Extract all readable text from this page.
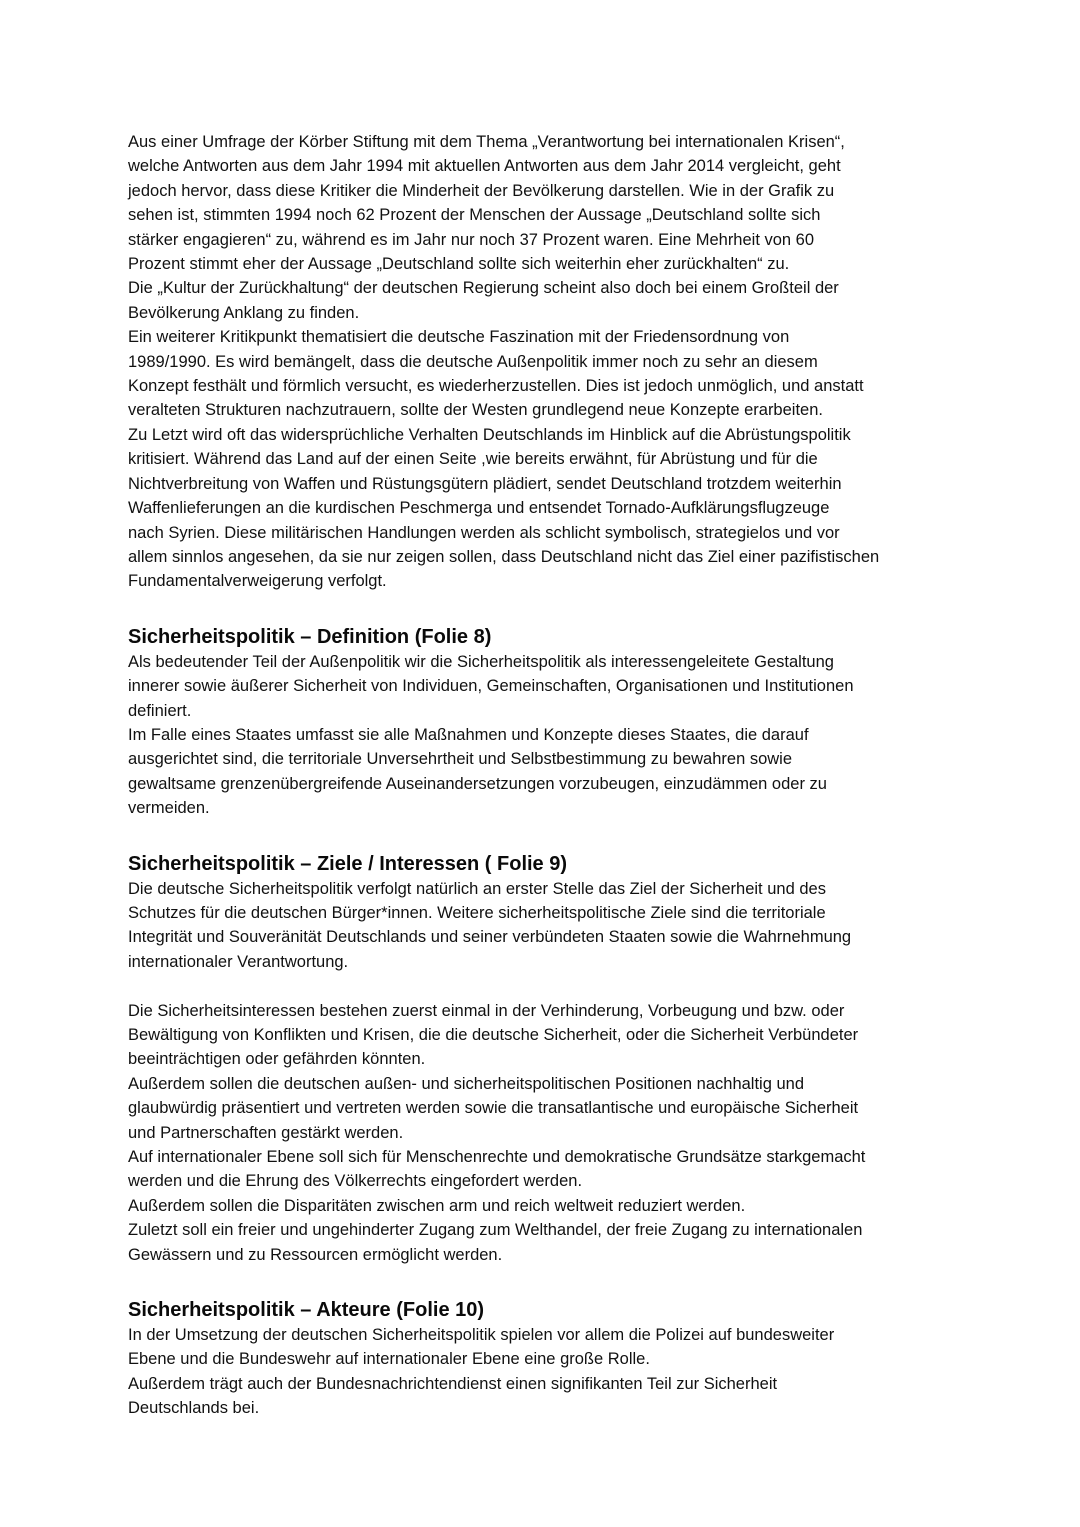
Aus einer Umfrage der Körber Stiftung mit dem Thema „Verantwortung bei internationalen Krisen“,
welche Antworten aus dem Jahr 1994 mit aktuellen Antworten aus dem Jahr 2014 vergleicht, geht
jedoch hervor, dass diese Kritiker die Minderheit der Bevölkerung darstellen. Wie in der Grafik zu
sehen ist, stimmten 1994 noch 62 Prozent der Menschen der Aussage „Deutschland sollte sich
stärker engagieren“ zu, während es im Jahr nur noch 37 Prozent waren. Eine Mehrheit von 60
Prozent stimmt eher der Aussage „Deutschland sollte sich weiterhin eher zurückhalten“ zu.
Die „Kultur der Zurückhaltung“ der deutschen Regierung scheint also doch bei einem Großteil der
Bevölkerung Anklang zu finden.
Ein weiterer Kritikpunkt thematisiert die deutsche Faszination mit der Friedensordnung von
1989/1990. Es wird bemängelt, dass die deutsche Außenpolitik immer noch zu sehr an diesem
Konzept festhält und förmlich versucht, es wiederherzustellen. Dies ist jedoch unmöglich, und anstatt
veralteten Strukturen nachzutrauern, sollte der Westen grundlegend neue Konzepte erarbeiten.
Zu Letzt wird oft das widersprüchliche Verhalten Deutschlands im Hinblick auf die Abrüstungspolitik
kritisiert. Während das Land auf der einen Seite ,wie bereits erwähnt, für Abrüstung und für die
Nichtverbreitung von Waffen und Rüstungsgütern plädiert, sendet Deutschland trotzdem weiterhin
Waffenlieferungen an die kurdischen Peschmerga und entsendet Tornado-Aufklärungsflugzeuge
nach Syrien. Diese militärischen Handlungen werden als schlicht symbolisch, strategielos und vor
allem sinnlos angesehen, da sie nur zeigen sollen, dass Deutschland nicht das Ziel einer pazifistischen
Fundamentalverweigerung verfolgt.

Sicherheitspolitik – Definition (Folie 8)

Als bedeutender Teil der Außenpolitik wir die Sicherheitspolitik als interessengeleitete Gestaltung
innerer sowie äußerer Sicherheit von Individuen, Gemeinschaften, Organisationen und Institutionen
definiert.
Im Falle eines Staates umfasst sie alle Maßnahmen und Konzepte dieses Staates, die darauf
ausgerichtet sind, die territoriale Unversehrtheit und Selbstbestimmung zu bewahren sowie
gewaltsame grenzenübergreifende Auseinandersetzungen vorzubeugen, einzudämmen oder zu
vermeiden.

Sicherheitspolitik – Ziele / Interessen ( Folie 9)

Die deutsche Sicherheitspolitik verfolgt natürlich an erster Stelle das Ziel der Sicherheit und des
Schutzes für die deutschen Bürger*innen. Weitere sicherheitspolitische Ziele sind die territoriale
Integrität und Souveränität Deutschlands und seiner verbündeten Staaten sowie die Wahrnehmung
internationaler Verantwortung.

Die Sicherheitsinteressen bestehen zuerst einmal in der Verhinderung, Vorbeugung und bzw. oder
Bewältigung von Konflikten und Krisen, die die deutsche Sicherheit, oder die Sicherheit Verbündeter
beeinträchtigen oder gefährden könnten.
Außerdem sollen die deutschen außen- und sicherheitspolitischen Positionen nachhaltig und
glaubwürdig präsentiert und vertreten werden sowie die transatlantische und europäische Sicherheit
und Partnerschaften gestärkt werden.
Auf internationaler Ebene soll sich für Menschenrechte und demokratische Grundsätze starkgemacht
werden und die Ehrung des Völkerrechts eingefordert werden.
Außerdem sollen die Disparitäten zwischen arm und reich weltweit reduziert werden.
Zuletzt soll ein freier und ungehinderter Zugang zum Welthandel, der freie Zugang zu internationalen
Gewässern und zu Ressourcen ermöglicht werden.

Sicherheitspolitik – Akteure (Folie 10)

In der Umsetzung der deutschen Sicherheitspolitik spielen vor allem die Polizei auf bundesweiter
Ebene und die Bundeswehr auf internationaler Ebene eine große Rolle.
Außerdem trägt auch der Bundesnachrichtendienst einen signifikanten Teil zur Sicherheit
Deutschlands bei.
